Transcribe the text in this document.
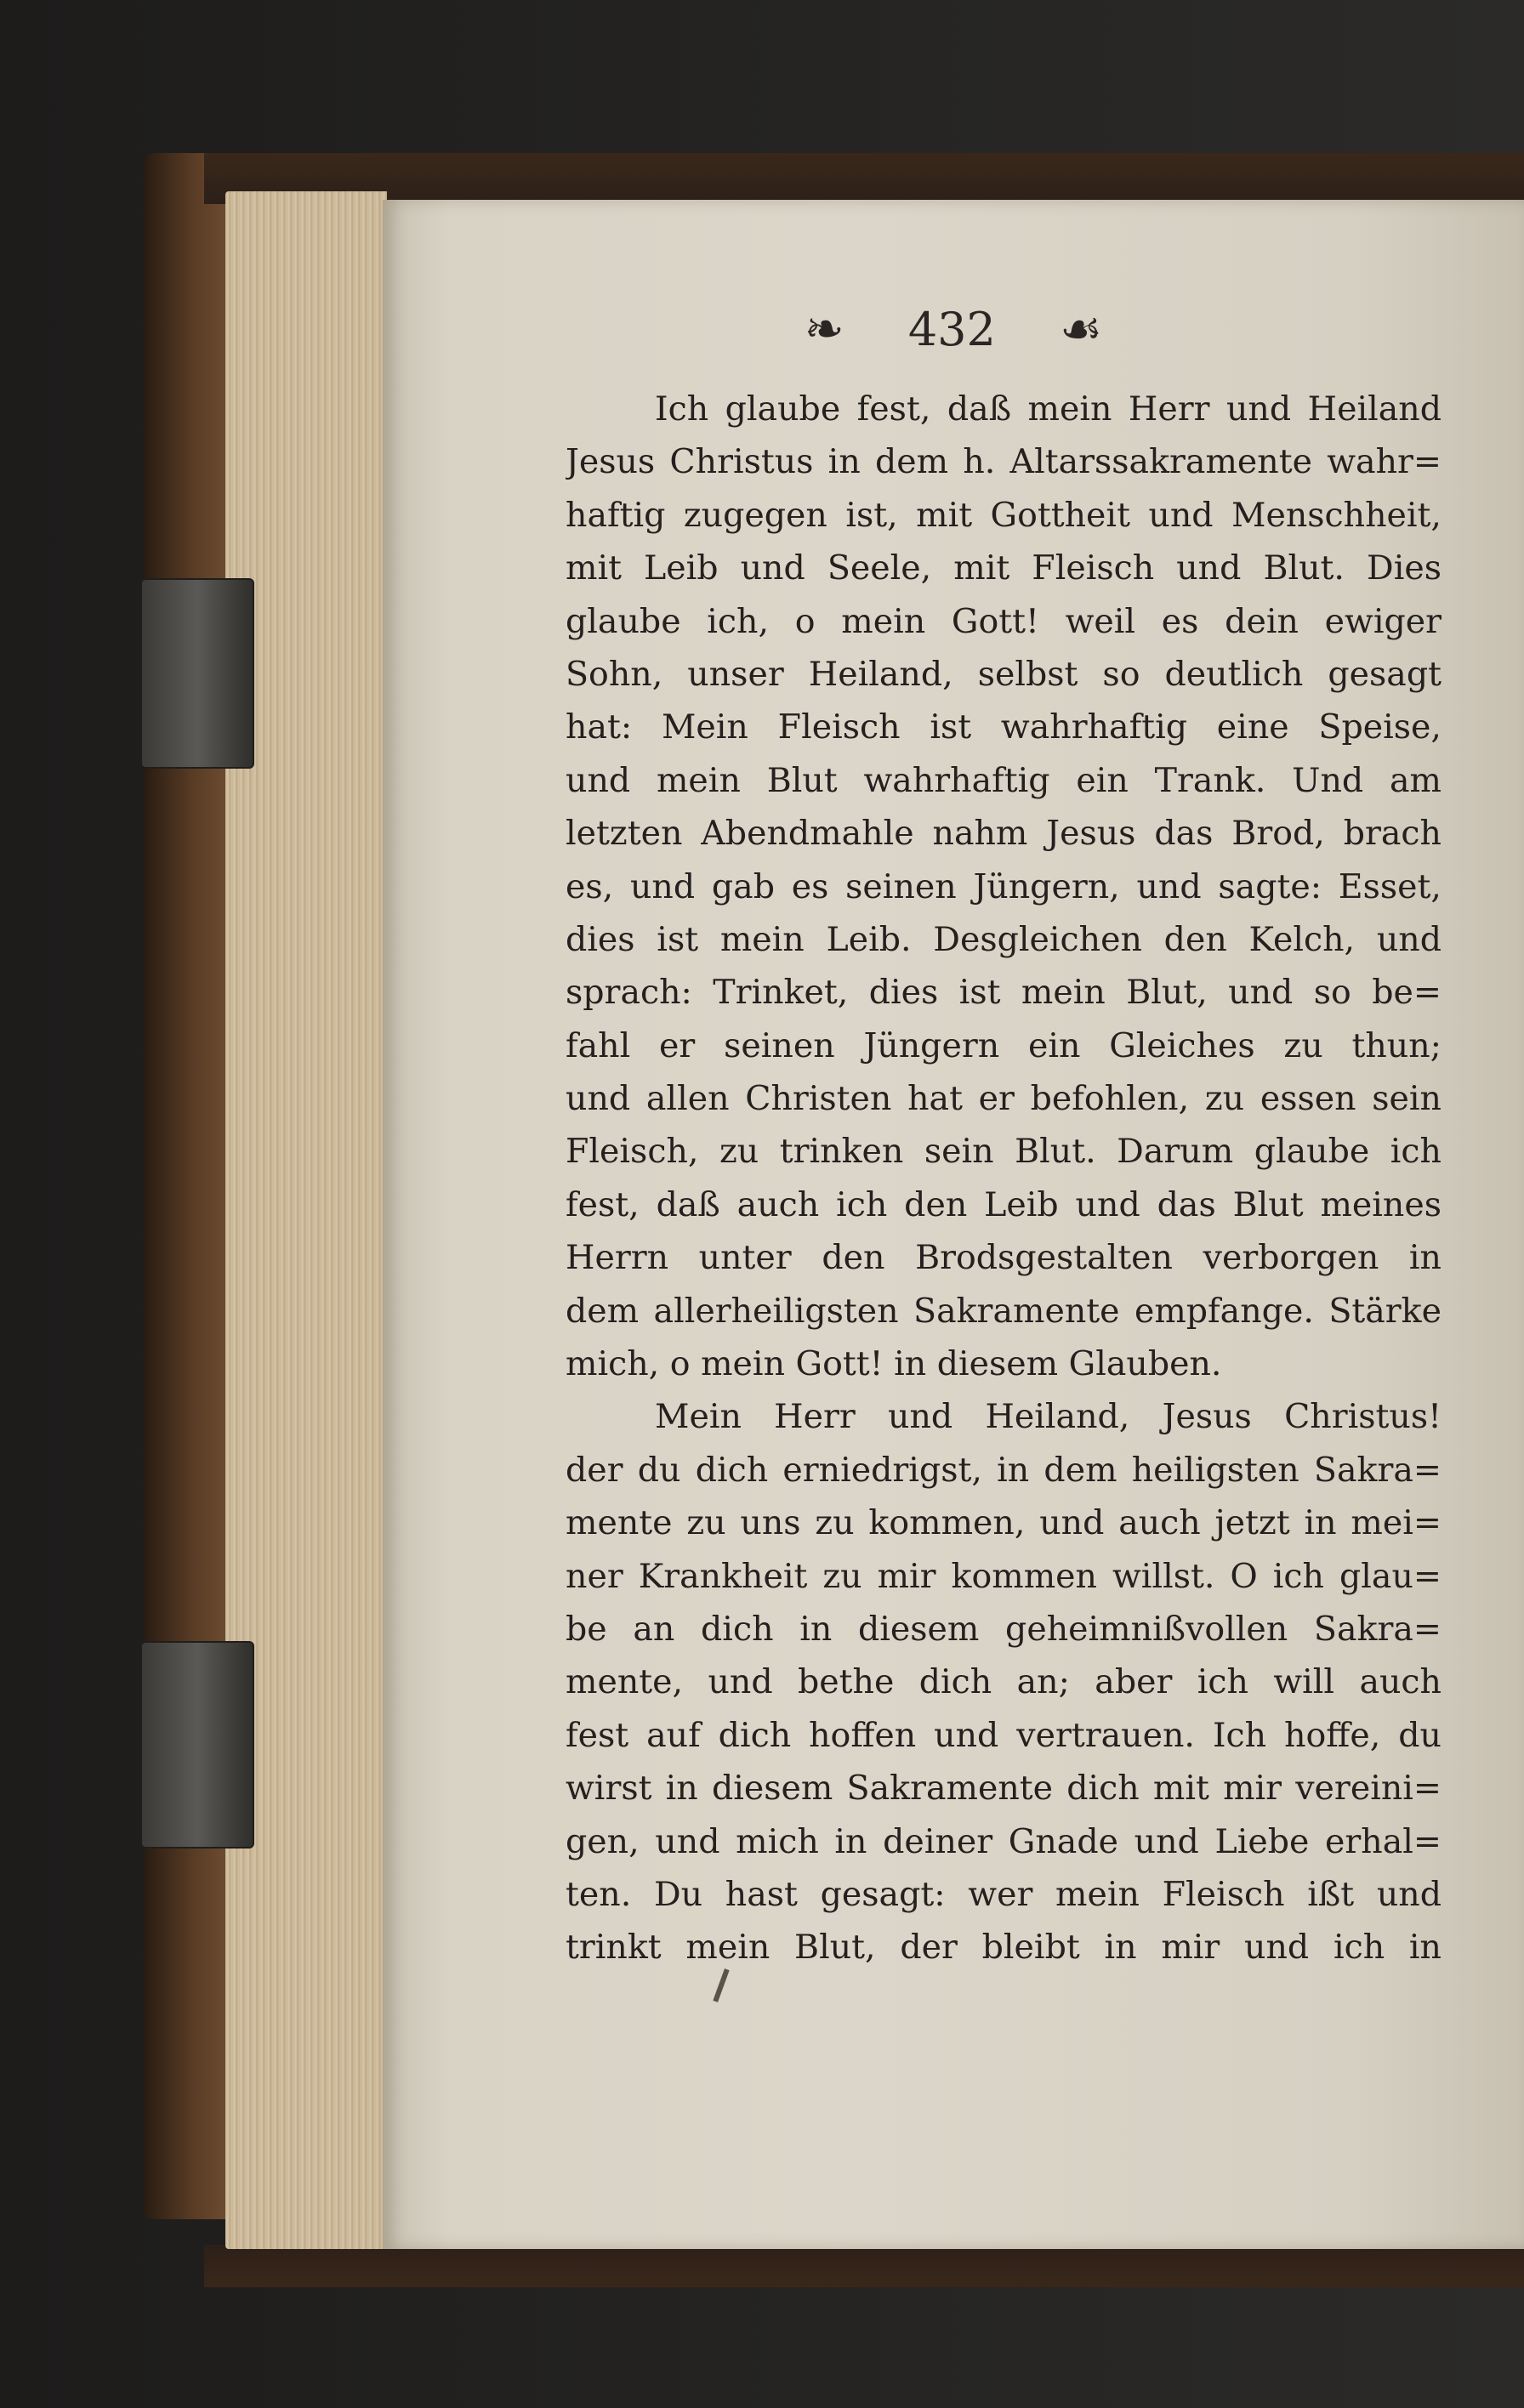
❧ 432 ☙
Ich glaube fest, daß mein Herr und Heiland
Jesus Christus in dem h. Altarssakramente wahr=
haftig zugegen ist, mit Gottheit und Menschheit,
mit Leib und Seele, mit Fleisch und Blut. Dies
glaube ich, o mein Gott! weil es dein ewiger
Sohn, unser Heiland, selbst so deutlich gesagt
hat: Mein Fleisch ist wahrhaftig eine Speise,
und mein Blut wahrhaftig ein Trank. Und am
letzten Abendmahle nahm Jesus das Brod, brach
es, und gab es seinen Jüngern, und sagte: Esset,
dies ist mein Leib. Desgleichen den Kelch, und
sprach: Trinket, dies ist mein Blut, und so be=
fahl er seinen Jüngern ein Gleiches zu thun;
und allen Christen hat er befohlen, zu essen sein
Fleisch, zu trinken sein Blut. Darum glaube ich
fest, daß auch ich den Leib und das Blut meines
Herrn unter den Brodsgestalten verborgen in
dem allerheiligsten Sakramente empfange. Stärke
mich, o mein Gott! in diesem Glauben.
Mein Herr und Heiland, Jesus Christus!
der du dich erniedrigst, in dem heiligsten Sakra=
mente zu uns zu kommen, und auch jetzt in mei=
ner Krankheit zu mir kommen willst. O ich glau=
be an dich in diesem geheimnißvollen Sakra=
mente, und bethe dich an; aber ich will auch
fest auf dich hoffen und vertrauen. Ich hoffe, du
wirst in diesem Sakramente dich mit mir vereini=
gen, und mich in deiner Gnade und Liebe erhal=
ten. Du hast gesagt: wer mein Fleisch ißt und
trinkt mein Blut, der bleibt in mir und ich in
